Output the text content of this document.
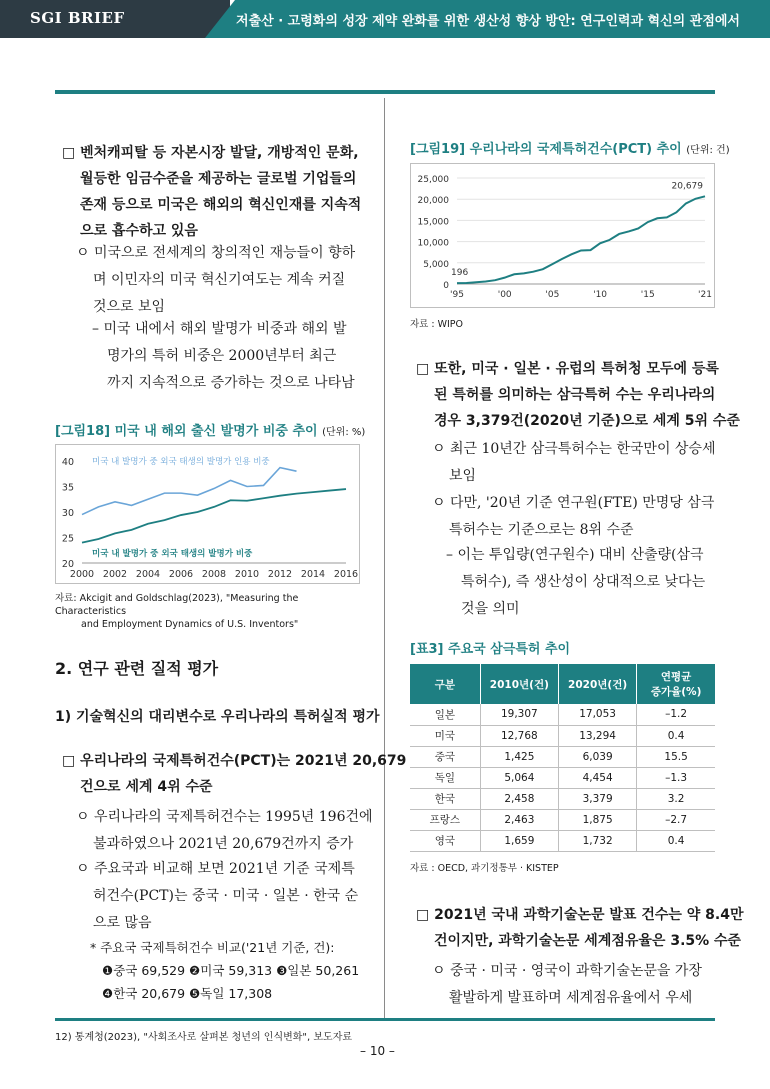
SGI BRIEF	저출산 · 고령화의 성장 제약 완화를 위한 생산성 향상 방안: 연구인력과 혁신의 관점에서
□ 벤처캐피탈 등 자본시장 발달, 개방적인 문화,
월등한 임금수준을 제공하는 글로벌 기업들의
존재 등으로 미국은 해외의 혁신인재를 지속적
으로 흡수하고 있음
ㅇ 미국으로 전세계의 창의적인 재능들이 향하
며 이민자의 미국 혁신기여도는 계속 커질
것으로 보임
– 미국 내에서 해외 발명가 비중과 해외 발
명가의 특허 비중은 2000년부터 최근
까지 지속적으로 증가하는 것으로 나타남
[그림18] 미국 내 해외 출신 발명가 비중 추이 (단위: %)
20
25
30
35
40
2000 2002 2004 2006 2008 2010 2012 2014 2016
미국 내 발명가 중 외국 태생의 발명가 인용 비중
미국 내 발명가 중 외국 태생의 발명가 비중
자료: Akcigit and Goldschlag(2023), "Measuring the Characteristics
and Employment Dynamics of U.S. Inventors"
2. 연구 관련 질적 평가
1) 기술혁신의 대리변수로 우리나라의 특허실적 평가
□ 우리나라의 국제특허건수(PCT)는 2021년 20,679
건으로 세계 4위 수준
ㅇ 우리나라의 국제특허건수는 1995년 196건에
불과하였으나 2021년 20,679건까지 증가
ㅇ 주요국과 비교해 보면 2021년 기준 국제특
허건수(PCT)는 중국 · 미국 · 일본 · 한국 순
으로 많음
* 주요국 국제특허건수 비교('21년 기준, 건):
❶중국 69,529 ❷미국 59,313 ❸일본 50,261
❹한국 20,679 ❺독일 17,308
[그림19] 우리나라의 국제특허건수(PCT) 추이 (단위: 건)
0
5,000
10,000
15,000
20,000
25,000
'95	'00	'05	'10	'15	'21
196
20,679
자료 : WIPO
□ 또한, 미국 · 일본 · 유럽의 특허청 모두에 등록
된 특허를 의미하는 삼극특허 수는 우리나라의
경우 3,379건(2020년 기준)으로 세계 5위 수준
ㅇ 최근 10년간 삼극특허수는 한국만이 상승세
보임
ㅇ 다만, '20년 기준 연구원(FTE) 만명당 삼극
특허수는 기준으로는 8위 수준
– 이는 투입량(연구원수) 대비 산출량(삼극
특허수), 즉 생산성이 상대적으로 낮다는
것을 의미
[표3] 주요국 삼극특허 추이
구분	2010년(건)	2020년(건)	연평균
증가율(%)
일본	19,307	17,053	–1.2
미국	12,768	13,294	0.4
중국	1,425	6,039	15.5
독일	5,064	4,454	–1.3
한국	2,458	3,379	3.2
프랑스	2,463	1,875	–2.7
영국	1,659	1,732	0.4
자료 : OECD, 과기정통부 · KISTEP
□ 2021년 국내 과학기술논문 발표 건수는 약 8.4만
건이지만, 과학기술논문 세계점유율은 3.5% 수준
ㅇ 중국 · 미국 · 영국이 과학기술논문을 가장
활발하게 발표하며 세계점유율에서 우세
12) 통계청(2023), "사회조사로 살펴본 청년의 인식변화", 보도자료
– 10 –
